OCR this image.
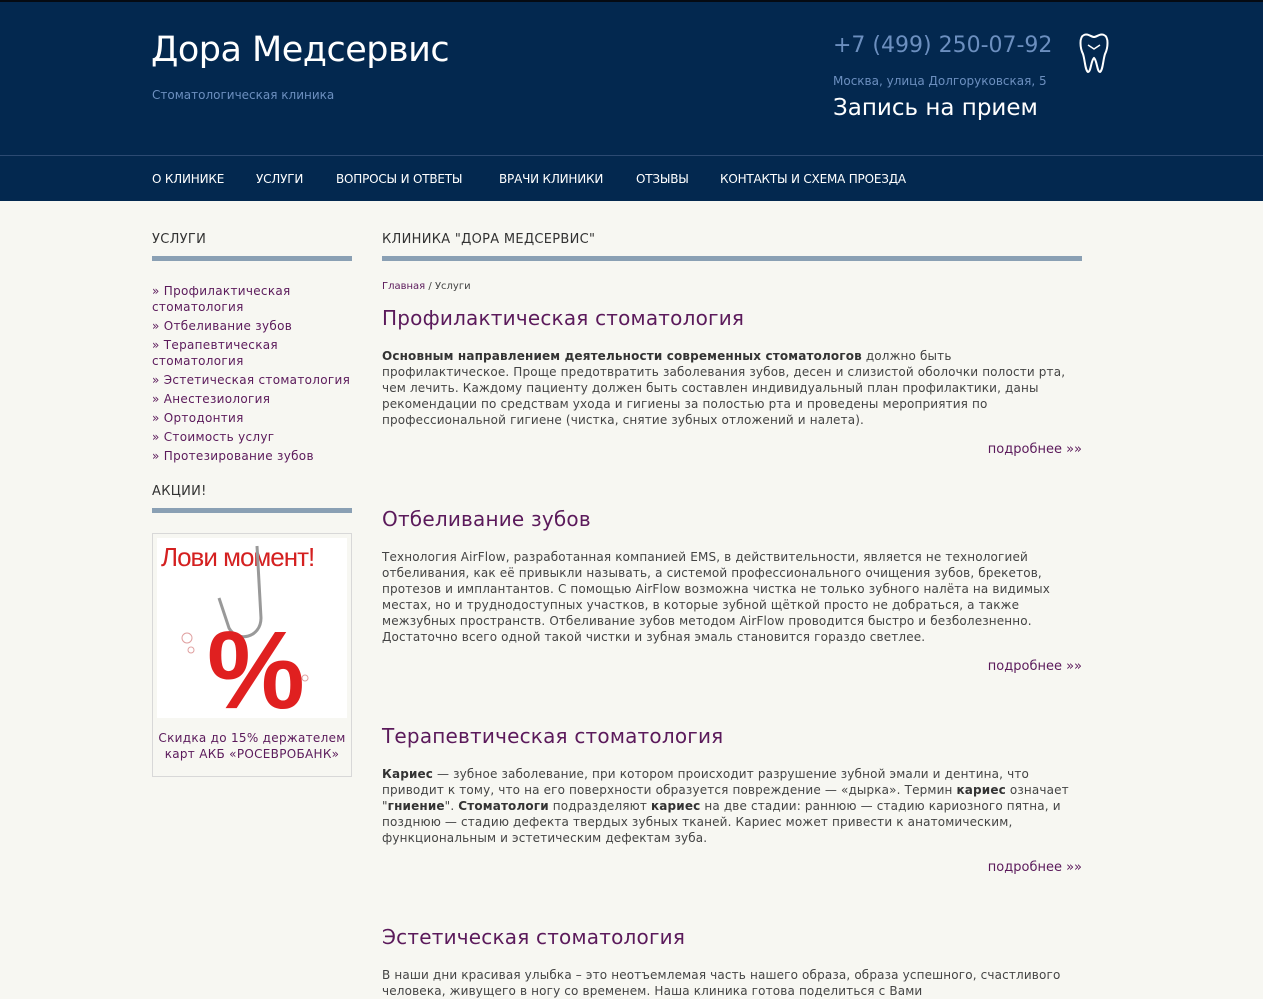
Дора Медсервис
Стоматологическая клиника
+7 (499) 250-07-92
Москва, улица Долгоруковская, 5
Запись на прием
О КЛИНИКЕ	УСЛУГИ	ВОПРОСЫ И ОТВЕТЫ	ВРАЧИ КЛИНИКИ	ОТЗЫВЫ	КОНТАКТЫ И СХЕМА ПРОЕЗДА
УСЛУГИ
» Профилактическая стоматология
» Отбеливание зубов
» Терапевтическая стоматология
» Эстетическая стоматология
» Анестезиология
» Ортодонтия
» Стоимость услуг
» Протезирование зубов
АКЦИИ!
Лови момент!
%
Скидка до 15% держателем карт АКБ «РОСЕВРОБАНК»
КЛИНИКА "ДОРА МЕДСЕРВИС"
Главная / Услуги
Профилактическая стоматология

Основным направлением деятельности современных стоматологов должно быть профилактическое. Проще предотвратить заболевания зубов, десен и слизистой оболочки полости рта, чем лечить. Каждому пациенту должен быть составлен индивидуальный план профилактики, даны рекомендации по средствам ухода и гигиены за полостью рта и проведены мероприятия по профессиональной гигиене (чистка, снятие зубных отложений и налета).

подробнее »»
Отбеливание зубов

Технология AirFlow, разработанная компанией EMS, в действительности, является не технологией отбеливания, как её привыкли называть, а системой профессионального очищения зубов, брекетов, протезов и имплантантов. С помощью AirFlow возможна чистка не только зубного налёта на видимых местах, но и труднодоступных участков, в которые зубной щёткой просто не добраться, а также межзубных пространств. Отбеливание зубов методом AirFlow проводится быстро и безболезненно. Достаточно всего одной такой чистки и зубная эмаль становится гораздо светлее.

подробнее »»
Терапевтическая стоматология

Кариес — зубное заболевание, при котором происходит разрушение зубной эмали и дентина, что приводит к тому, что на его поверхности образуется повреждение — «дырка». Термин кариес означает "гниение". Стоматологи подразделяют кариес на две стадии: раннюю — стадию кариозного пятна, и позднюю — стадию дефекта твердых зубных тканей. Кариес может привести к анатомическим, функциональным и эстетическим дефектам зуба.

подробнее »»
Эстетическая стоматология

В наши дни красивая улыбка – это неотъемлемая часть нашего образа, образа успешного, счастливого человека, живущего в ногу со временем. Наша клиника готова поделиться с Вами
